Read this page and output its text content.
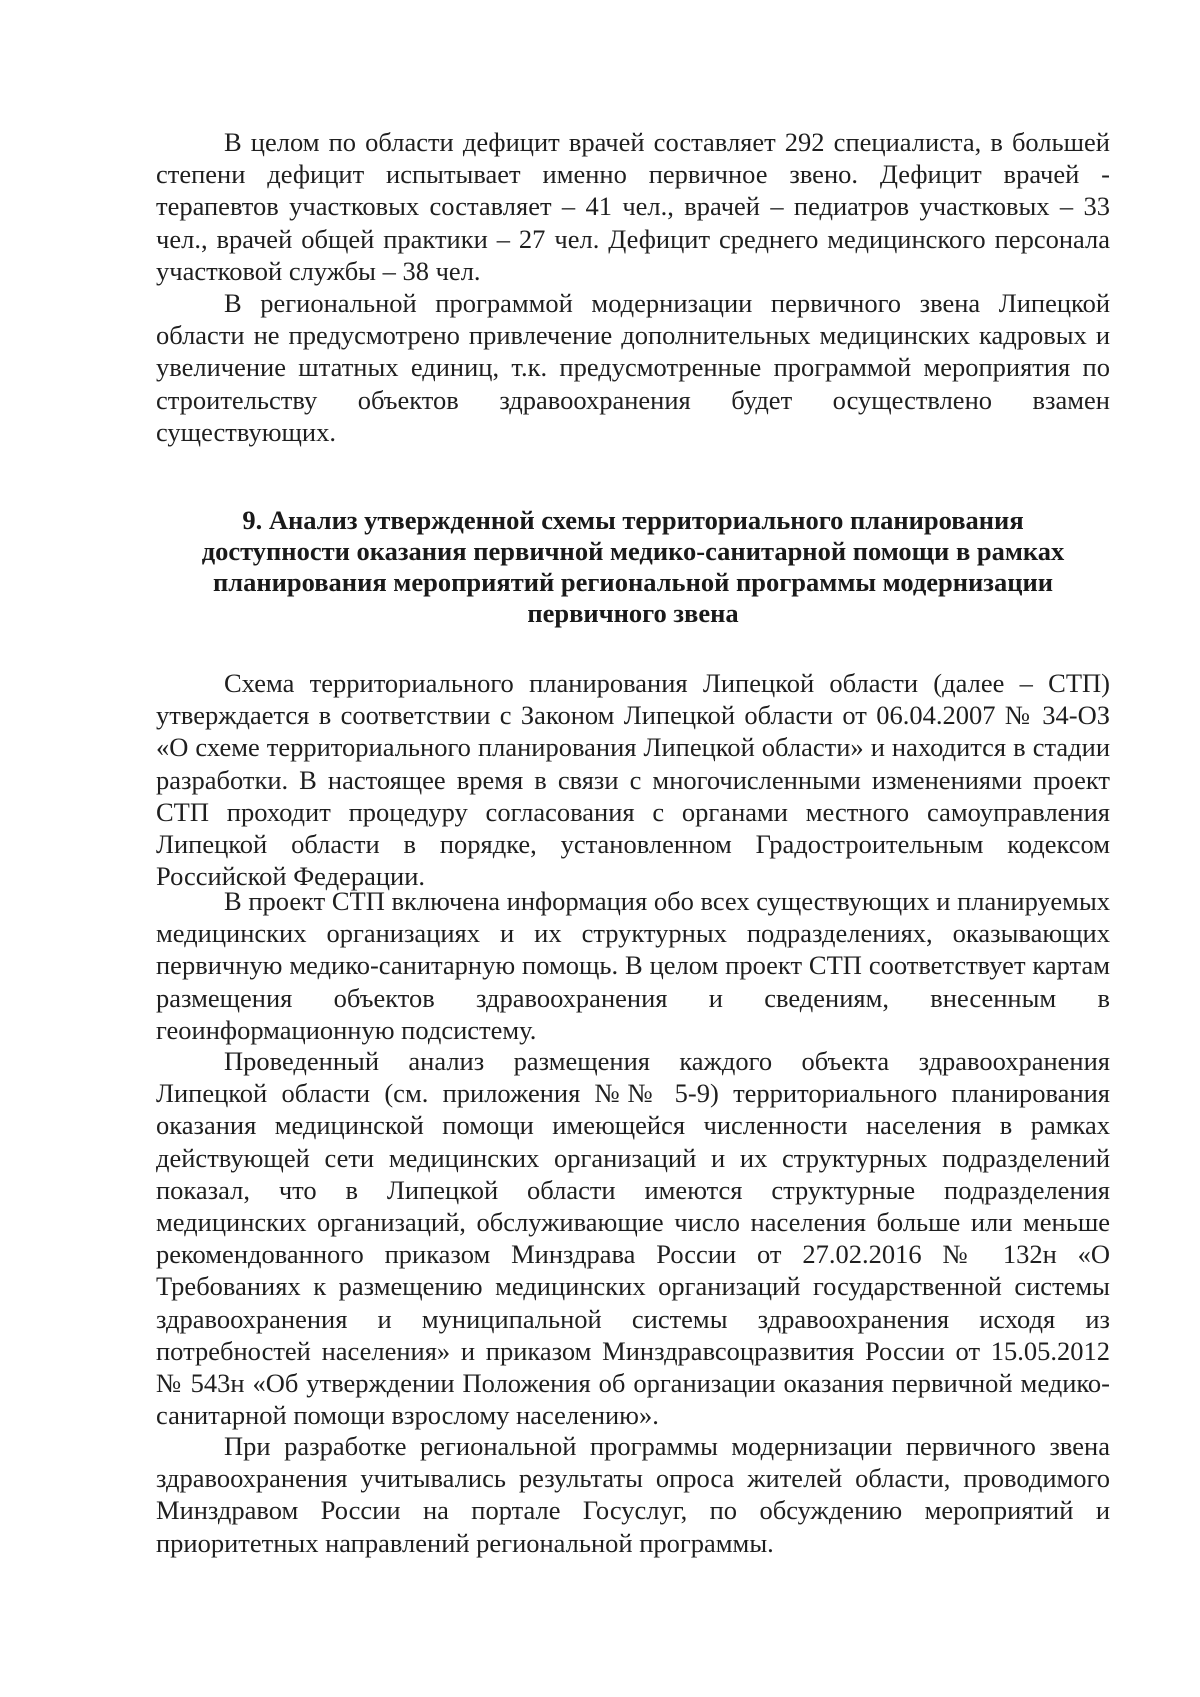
В целом по области дефицит врачей составляет 292 специалиста, в большей степени дефицит испытывает именно первичное звено. Дефицит врачей - терапевтов участковых составляет – 41 чел., врачей – педиатров участковых – 33 чел., врачей общей практики – 27 чел. Дефицит среднего медицинского персонала участковой службы – 38 чел.

В региональной программой модернизации первичного звена Липецкой области не предусмотрено привлечение дополнительных медицинских кадровых и увеличение штатных единиц, т.к. предусмотренные программой мероприятия по строительству объектов здравоохранения будет осуществлено взамен существующих.

9. Анализ утвержденной схемы территориального планирования
доступности оказания первичной медико-санитарной помощи в рамках
планирования мероприятий региональной программы модернизации
первичного звена

Схема территориального планирования Липецкой области (далее – СТП) утверждается в соответствии с Законом Липецкой области от 06.04.2007 № 34-ОЗ «О схеме территориального планирования Липецкой области» и находится в стадии разработки. В настоящее время в связи с многочисленными изменениями проект СТП проходит процедуру согласования с органами местного самоуправления Липецкой области в порядке, установленном Градостроительным кодексом Российской Федерации.

В проект СТП включена информация обо всех существующих и планируемых медицинских организациях и их структурных подразделениях, оказывающих первичную медико-санитарную помощь. В целом проект СТП соответствует картам размещения объектов здравоохранения и сведениям, внесенным в геоинформационную подсистему.

Проведенный анализ размещения каждого объекта здравоохранения Липецкой области (см. приложения №№ 5-9) территориального планирования оказания медицинской помощи имеющейся численности населения в рамках действующей сети медицинских организаций и их структурных подразделений показал, что в Липецкой области имеются структурные подразделения медицинских организаций, обслуживающие число населения больше или меньше рекомендованного приказом Минздрава России от 27.02.2016 № 132н «О Требованиях к размещению медицинских организаций государственной системы здравоохранения и муниципальной системы здравоохранения исходя из потребностей населения» и приказом Минздравсоцразвития России от 15.05.2012 № 543н «Об утверждении Положения об организации оказания первичной медико-санитарной помощи взрослому населению».

При разработке региональной программы модернизации первичного звена здравоохранения учитывались результаты опроса жителей области, проводимого Минздравом России на портале Госуслуг, по обсуждению мероприятий и приоритетных направлений региональной программы.
